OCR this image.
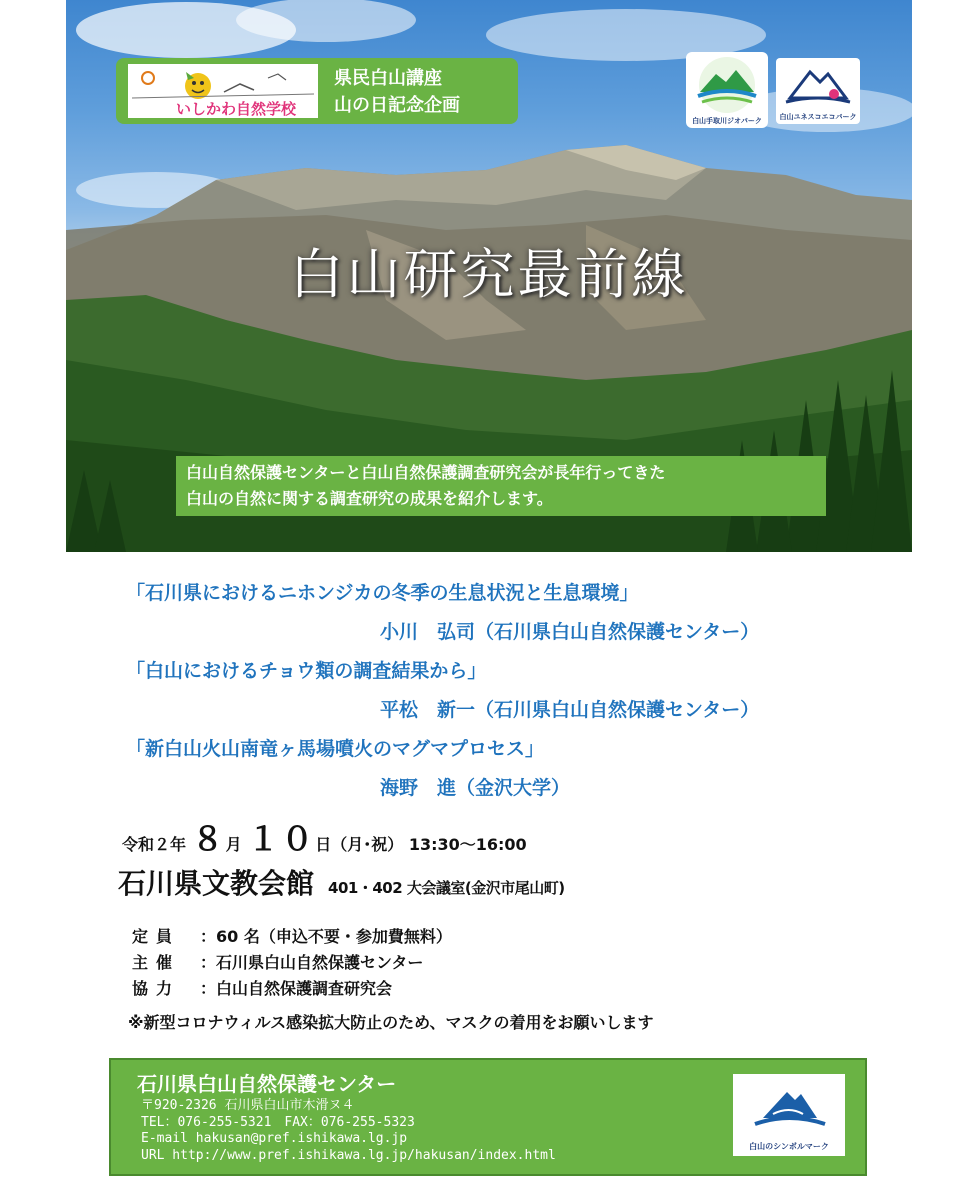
いしかわ自然学校
県民白山講座
山の日記念企画
白山手取川ジオパーク	白山ユネスコエコパーク
白山研究最前線
白山自然保護センターと白山自然保護調査研究会が長年行ってきた
白山の自然に関する調査研究の成果を紹介します。
「石川県におけるニホンジカの冬季の生息状況と生息環境」
小川　弘司（石川県白山自然保護センター）
「白山におけるチョウ類の調査結果から」
平松　新一（石川県白山自然保護センター）
「新白山火山南竜ヶ馬場噴火のマグマプロセス」
海野　進（金沢大学）
令和２年 ８月 １０日（月･祝） 13:30～16:00
石川県文教会館 401・402 大会議室(金沢市尾山町)
定員 ：60 名（申込不要・参加費無料）
主催 ：石川県白山自然保護センター
協力 ：白山自然保護調査研究会
※新型コロナウィルス感染拡大防止のため、マスクの着用をお願いします
石川県白山自然保護センター
〒920-2326 石川県白山市木滑ヌ４
TEL：076-255-5321　FAX：076-255-5323
E-mail hakusan@pref.ishikawa.lg.jp
URL http://www.pref.ishikawa.lg.jp/hakusan/index.html
白山のシンボルマーク
